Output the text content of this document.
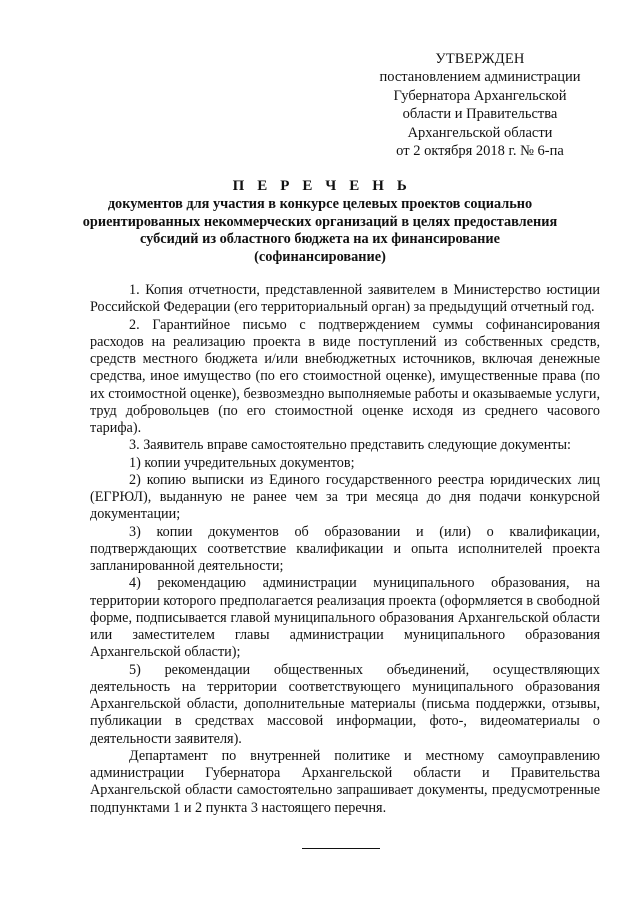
УТВЕРЖДЕН
постановлением администрации
Губернатора Архангельской
области и Правительства
Архангельской области
от 2 октября 2018 г. № 6-па
П Е Р Е Ч Е Н Ь
документов для участия в конкурсе целевых проектов социально
ориентированных некоммерческих организаций в целях предоставления
субсидий из областного бюджета на их финансирование
(софинансирование)

1. Копия отчетности, представленной заявителем в Министерство юстиции Российской Федерации (его территориальный орган) за предыдущий отчетный год.

2. Гарантийное письмо с подтверждением суммы софинансирования расходов на реализацию проекта в виде поступлений из собственных средств, средств местного бюджета и/или внебюджетных источников, включая денежные средства, иное имущество (по его стоимостной оценке), имущественные права (по их стоимостной оценке), безвозмездно выполняемые работы и оказываемые услуги, труд добровольцев (по его стоимостной оценке исходя из среднего часового тарифа).

3. Заявитель вправе самостоятельно представить следующие документы:

1) копии учредительных документов;

2) копию выписки из Единого государственного реестра юридических лиц (ЕГРЮЛ), выданную не ранее чем за три месяца до дня подачи конкурсной документации;

3) копии документов об образовании и (или) о квалификации, подтверждающих соответствие квалификации и опыта исполнителей проекта запланированной деятельности;

4) рекомендацию администрации муниципального образования, на территории которого предполагается реализация проекта (оформляется в свободной форме, подписывается главой муниципального образования Архангельской области или заместителем главы администрации муниципального образования Архангельской области);

5) рекомендации общественных объединений, осуществляющих деятельность на территории соответствующего муниципального образования Архангельской области, дополнительные материалы (письма поддержки, отзывы, публикации в средствах массовой информации, фото-, видеоматериалы о деятельности заявителя).

Департамент по внутренней политике и местному самоуправлению администрации Губернатора Архангельской области и Правительства Архангельской области самостоятельно запрашивает документы, предусмотренные подпунктами 1 и 2 пункта 3 настоящего перечня.
